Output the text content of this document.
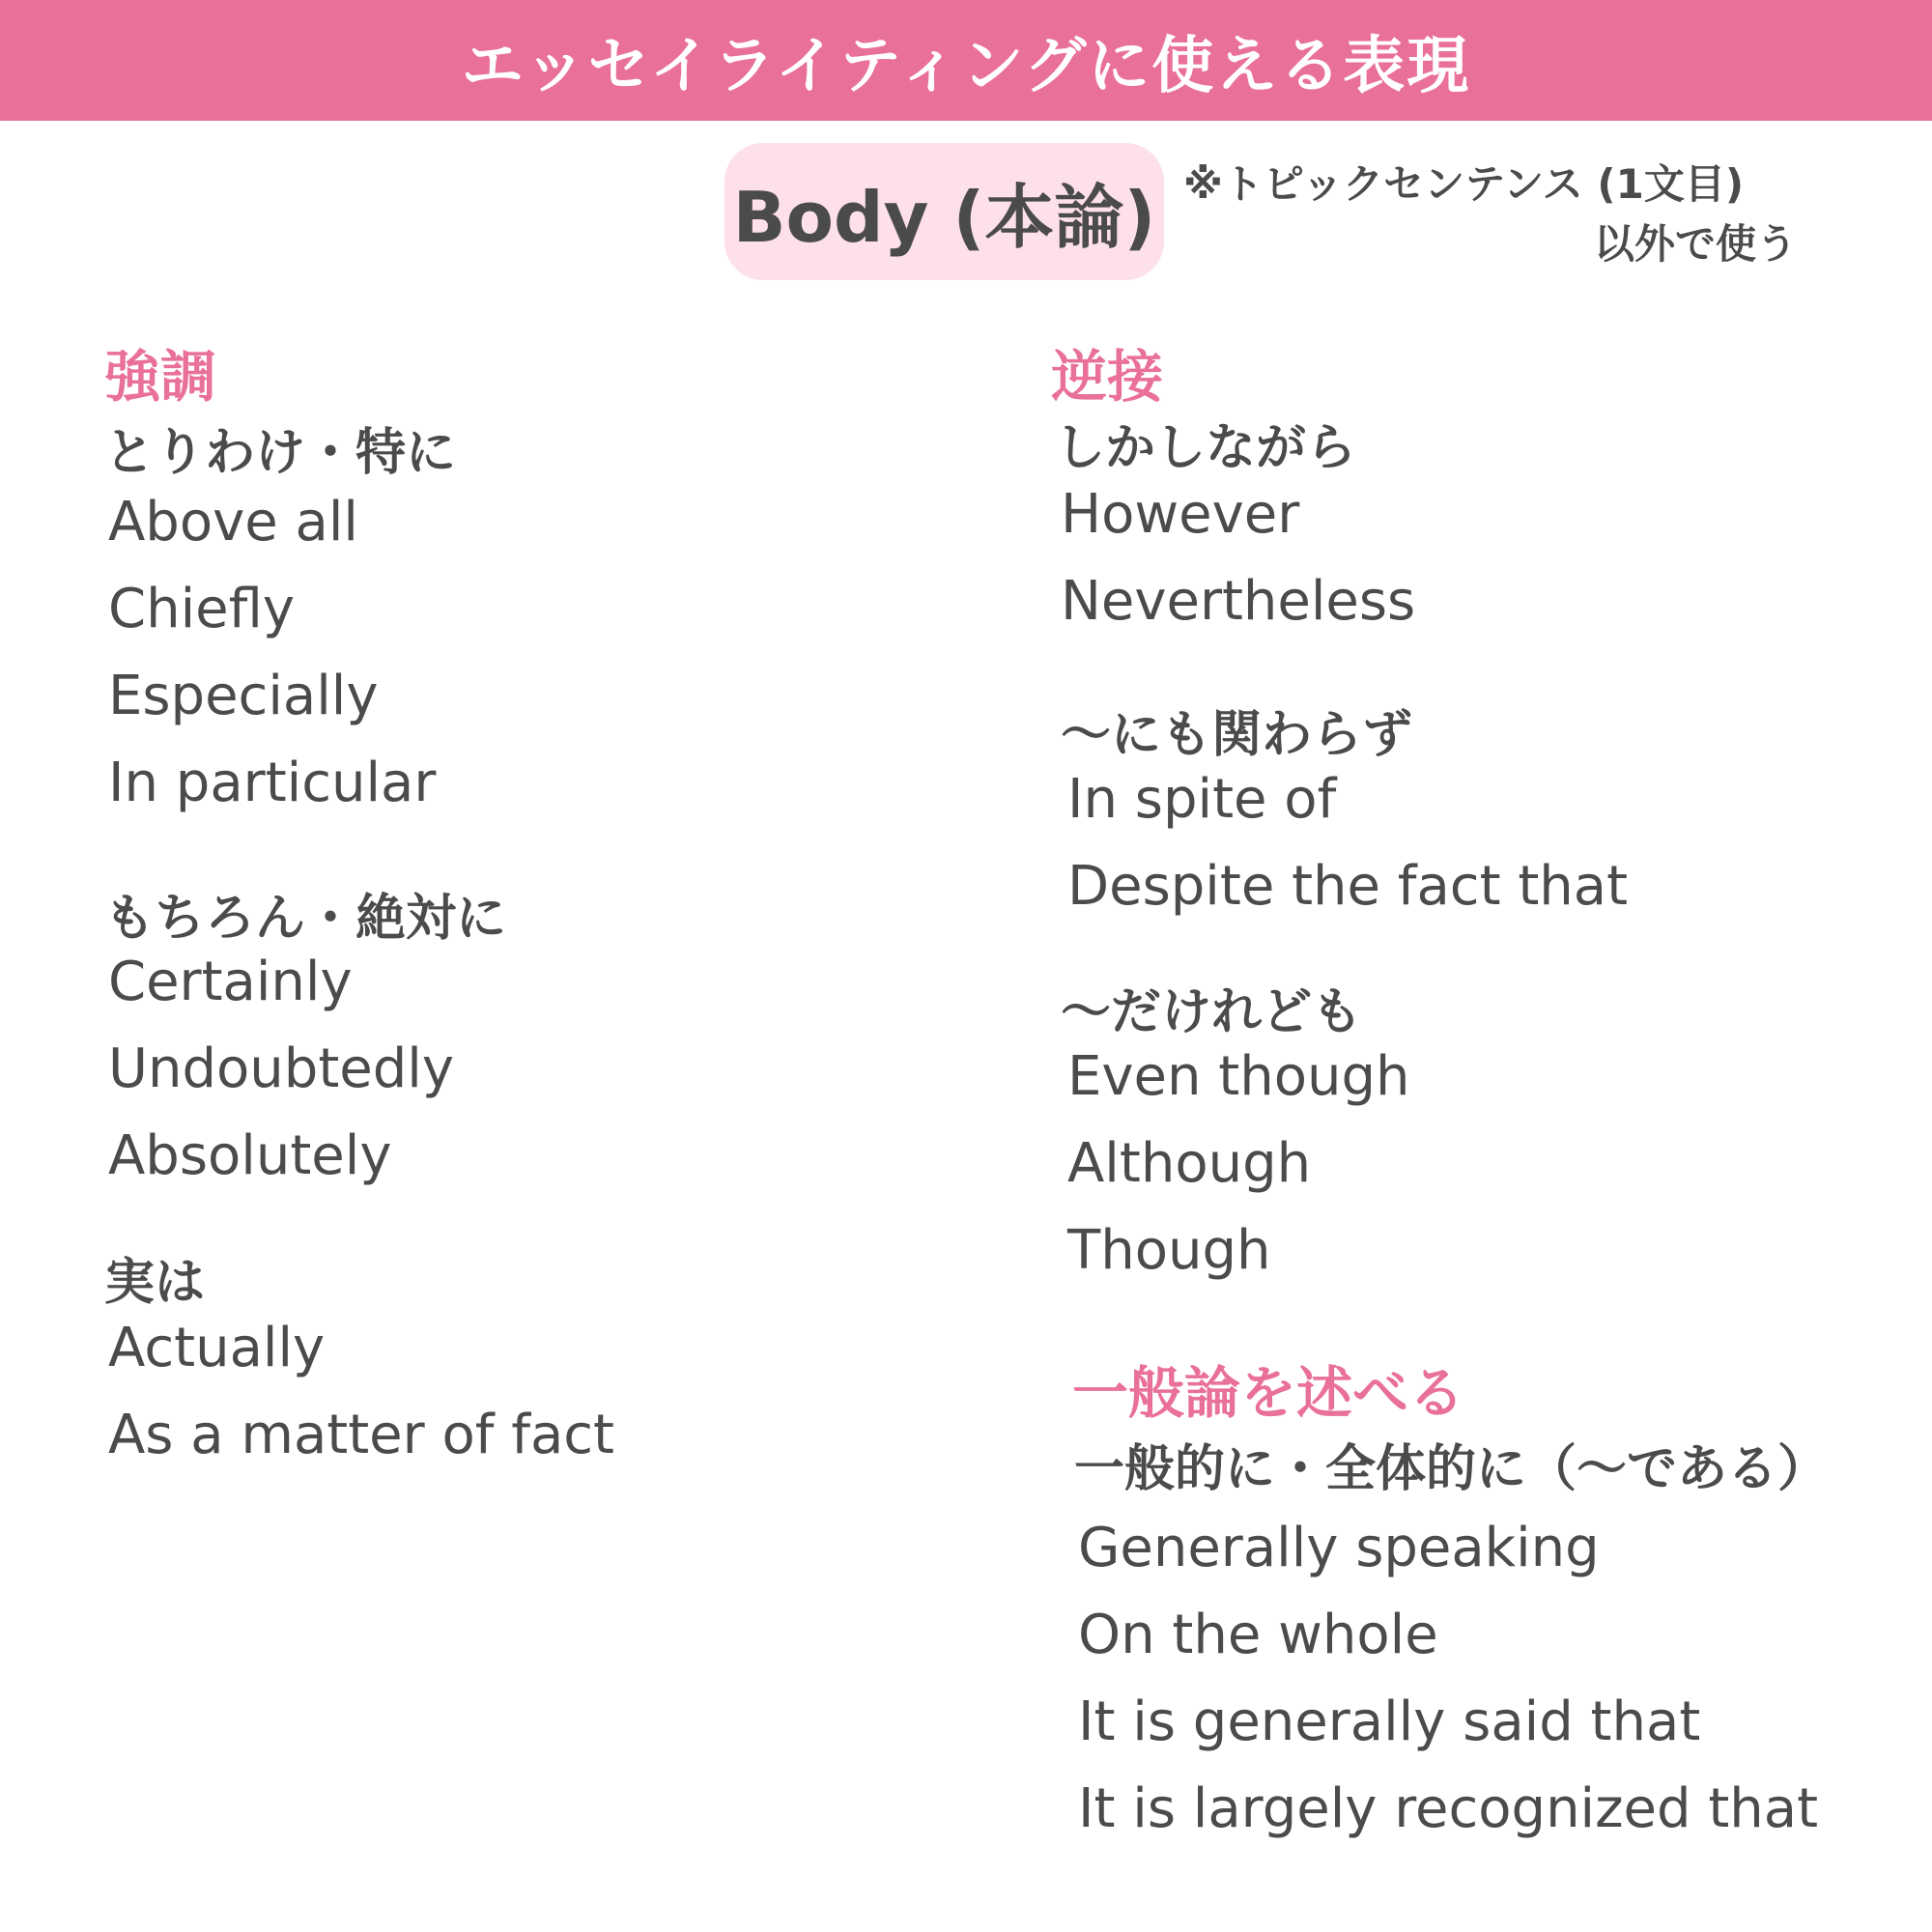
エッセイライティングに使える表現
Body (本論) ※トピックセンテンス (1文目)
以外で使う
強調
とりわけ・特に
Above all
Chiefly
Especially
In particular
もちろん・絶対に
Certainly
Undoubtedly
Absolutely
実は
Actually
As a matter of fact
逆接
しかしながら
However
Nevertheless
〜にも関わらず
In spite of
Despite the fact that
〜だけれども
Even though
Although
Though
一般論を述べる
一般的に・全体的に（〜である）
Generally speaking
On the whole
It is generally said that
It is largely recognized that
